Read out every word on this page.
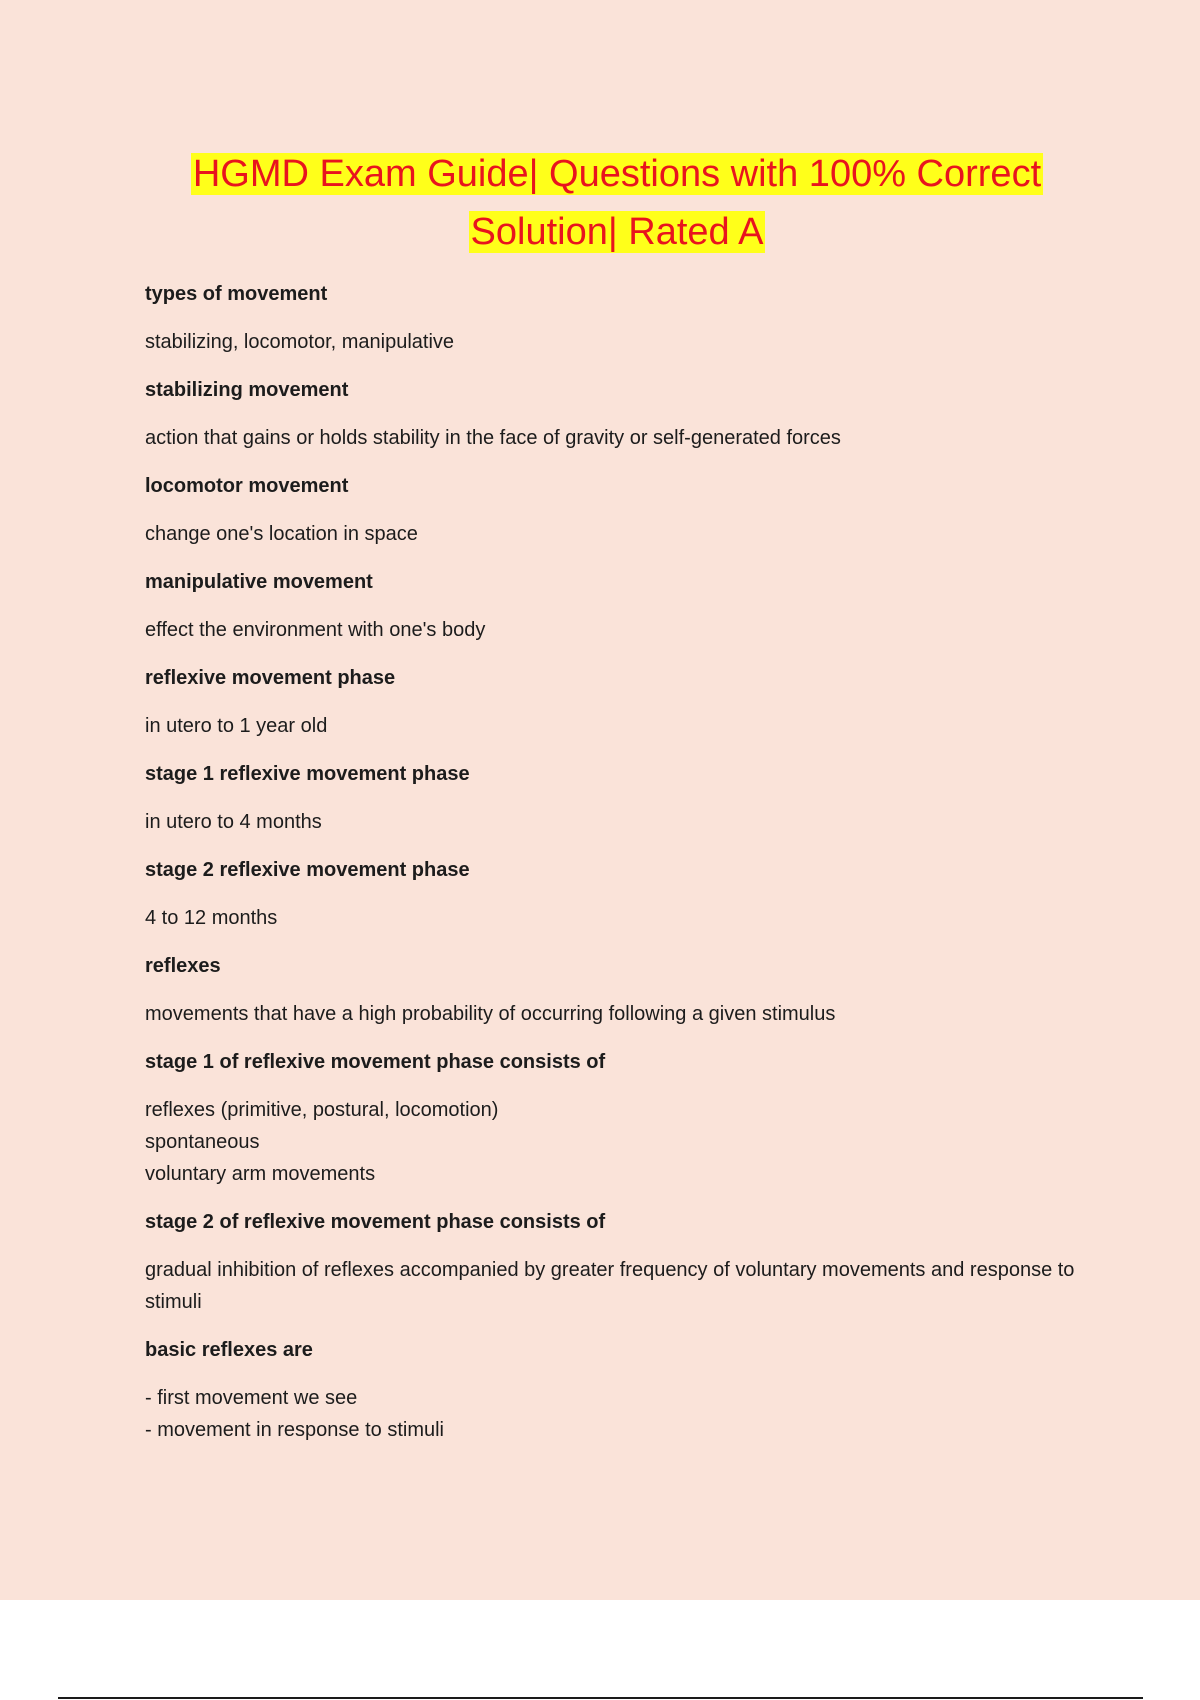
HGMD Exam Guide| Questions with 100% Correct
Solution| Rated A
types of movement
stabilizing, locomotor, manipulative
stabilizing movement
action that gains or holds stability in the face of gravity or self-generated forces
locomotor movement
change one's location in space
manipulative movement
effect the environment with one's body
reflexive movement phase
in utero to 1 year old
stage 1 reflexive movement phase
in utero to 4 months
stage 2 reflexive movement phase
4 to 12 months
reflexes
movements that have a high probability of occurring following a given stimulus
stage 1 of reflexive movement phase consists of
reflexes (primitive, postural, locomotion)
spontaneous
voluntary arm movements
stage 2 of reflexive movement phase consists of
gradual inhibition of reflexes accompanied by greater frequency of voluntary movements and response to stimuli
basic reflexes are
- first movement we see
- movement in response to stimuli
